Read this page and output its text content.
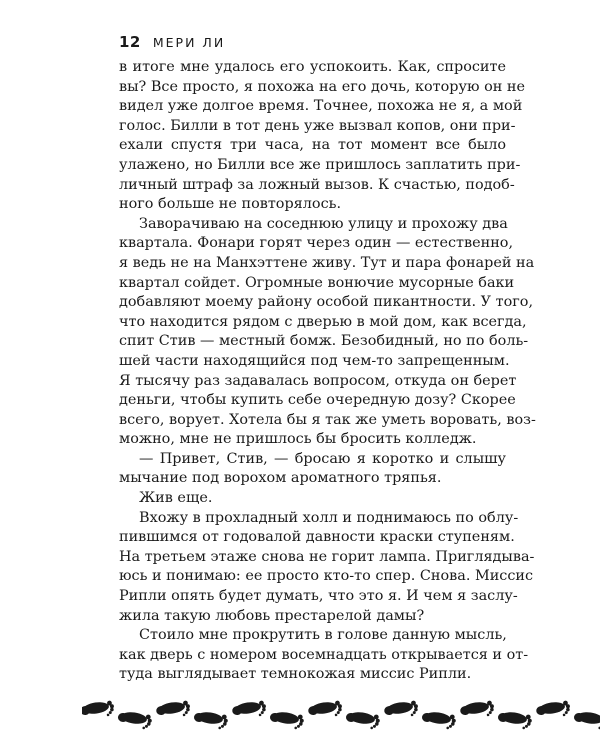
12 МЕРИ ЛИ
в итоге мне удалось его успокоить. Как, спросите
вы? Все просто, я похожа на его дочь, которую он не
видел уже долгое время. Точнее, похожа не я, а мой
голос. Билли в тот день уже вызвал копов, они при-
ехали спустя три часа, на тот момент все было
улажено, но Билли все же пришлось заплатить при-
личный штраф за ложный вызов. К счастью, подоб-
ного больше не повторялось.
Заворачиваю на соседнюю улицу и прохожу два
квартала. Фонари горят через один — естественно,
я ведь не на Манхэттене живу. Тут и пара фонарей на
квартал сойдет. Огромные вонючие мусорные баки
добавляют моему району особой пикантности. У того,
что находится рядом с дверью в мой дом, как всегда,
спит Стив — местный бомж. Безобидный, но по боль-
шей части находящийся под чем-то запрещенным.
Я тысячу раз задавалась вопросом, откуда он берет
деньги, чтобы купить себе очередную дозу? Скорее
всего, ворует. Хотела бы я так же уметь воровать, воз-
можно, мне не пришлось бы бросить колледж.
— Привет, Стив, — бросаю я коротко и слышу
мычание под ворохом ароматного тряпья.
Жив еще.
Вхожу в прохладный холл и поднимаюсь по облу-
пившимся от годовалой давности краски ступеням.
На третьем этаже снова не горит лампа. Приглядыва-
юсь и понимаю: ее просто кто-то спер. Снова. Миссис
Рипли опять будет думать, что это я. И чем я заслу-
жила такую любовь престарелой дамы?
Стоило мне прокрутить в голове данную мысль,
как дверь с номером восемнадцать открывается и от-
туда выглядывает темнокожая миссис Рипли.
